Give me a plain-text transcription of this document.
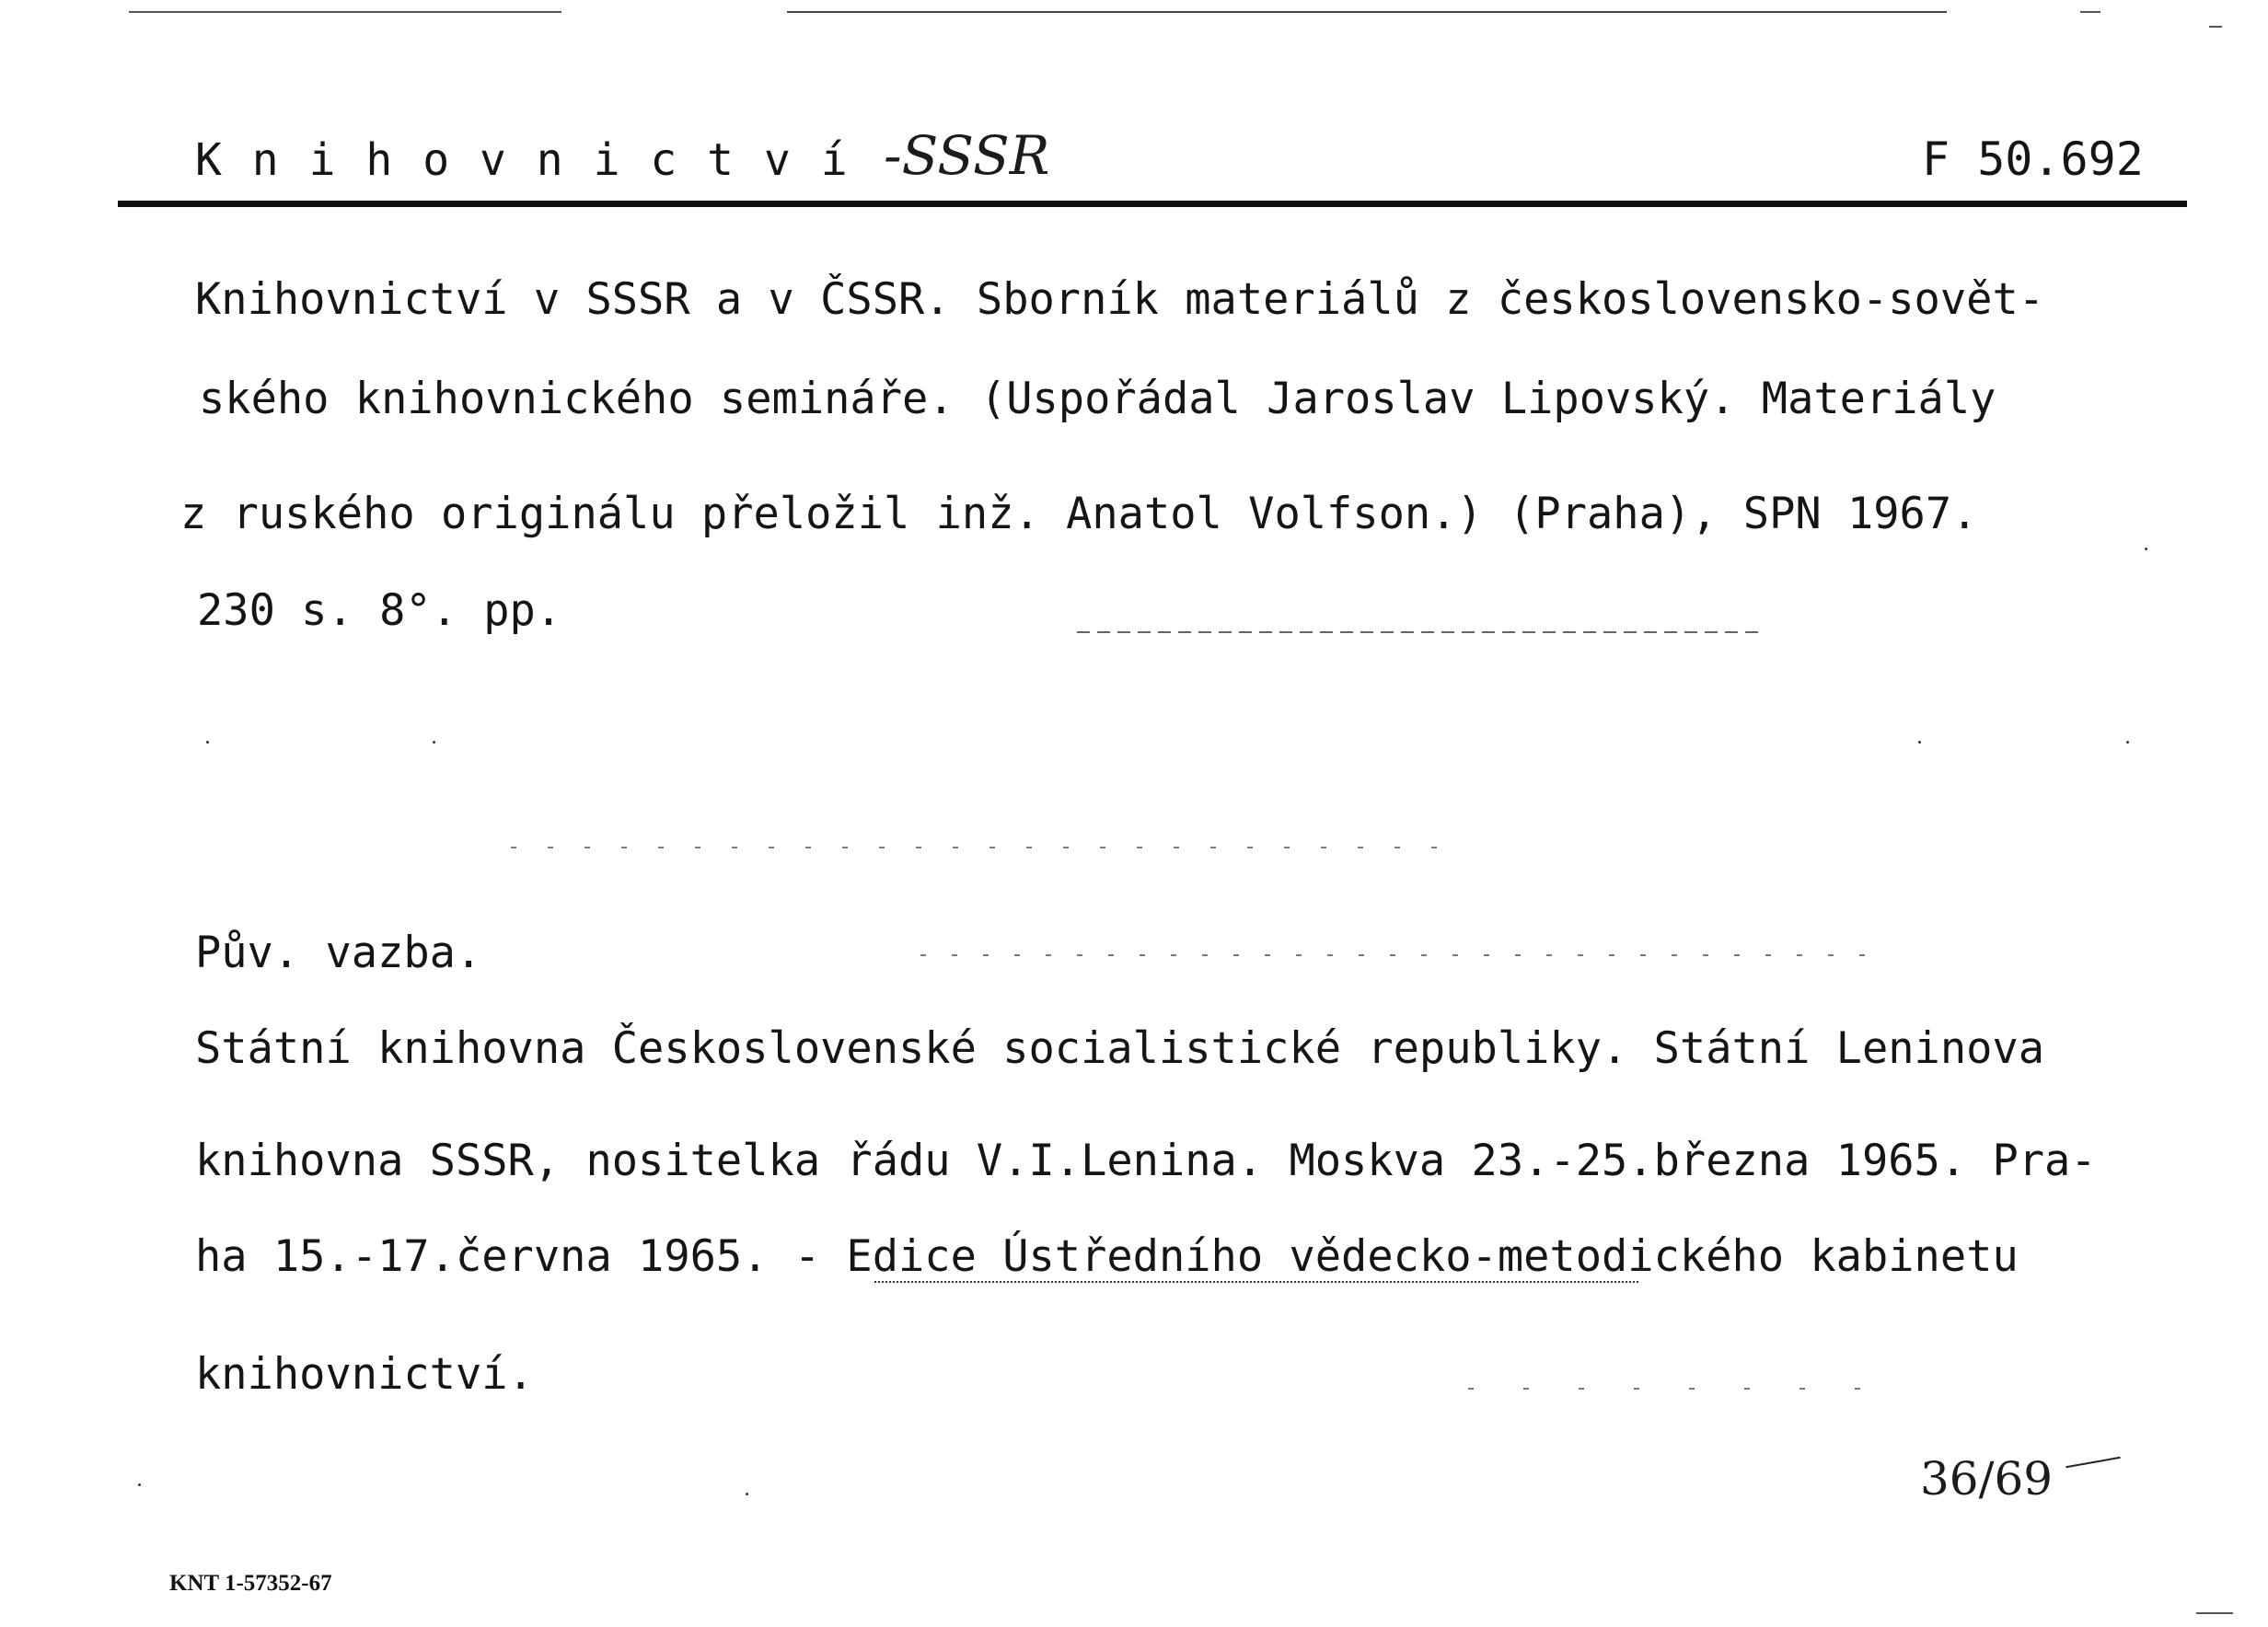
K n i h o v n i c t v í -SSSR	F 50.692
Knihovnictví v SSSR a v ČSSR. Sborník materiálů z československo-sovět-
ského knihovnického semináře. (Uspořádal Jaroslav Lipovský. Materiály
z ruského originálu přeložil inž. Anatol Volfson.) (Praha), SPN 1967.
230 s. 8°. pp.
Pův. vazba.
Státní knihovna Československé socialistické republiky. Státní Leninova
knihovna SSSR, nositelka řádu V.I.Lenina. Moskva 23.-25.března 1965. Pra-
ha 15.-17.června 1965. - Edice Ústředního vědecko-metodického kabinetu
knihovnictví.
36/69
KNT 1-57352-67
